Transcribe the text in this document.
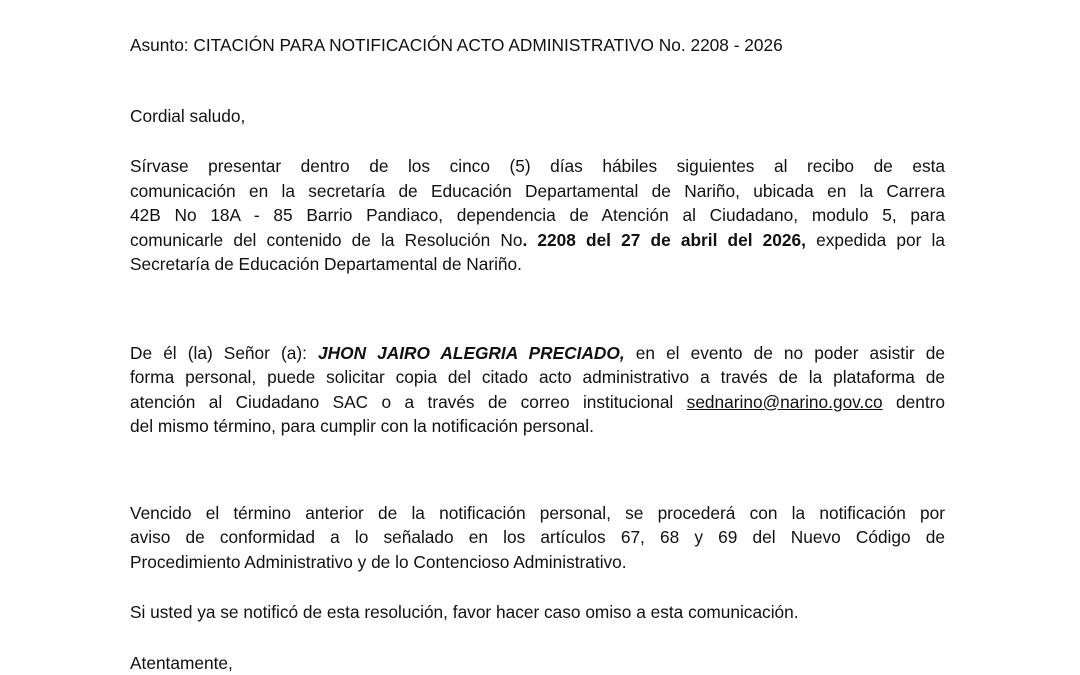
Asunto: CITACIÓN PARA NOTIFICACIÓN ACTO ADMINISTRATIVO No. 2208 - 2026
Cordial saludo,
Sírvase presentar dentro de los cinco (5) días hábiles siguientes al recibo de esta
comunicación en la secretaría de Educación Departamental de Nariño, ubicada en la Carrera
42B No 18A - 85 Barrio Pandiaco, dependencia de Atención al Ciudadano, modulo 5, para
comunicarle del contenido de la Resolución No. 2208 del 27 de abril del 2026, expedida por la
Secretaría de Educación Departamental de Nariño.
De él (la) Señor (a): JHON JAIRO ALEGRIA PRECIADO, en el evento de no poder asistir de
forma personal, puede solicitar copia del citado acto administrativo a través de la plataforma de
atención al Ciudadano SAC o a través de correo institucional sednarino@narino.gov.co dentro
del mismo término, para cumplir con la notificación personal.
Vencido el término anterior de la notificación personal, se procederá con la notificación por
aviso de conformidad a lo señalado en los artículos 67, 68 y 69 del Nuevo Código de
Procedimiento Administrativo y de lo Contencioso Administrativo.
Si usted ya se notificó de esta resolución, favor hacer caso omiso a esta comunicación.
Atentamente,
